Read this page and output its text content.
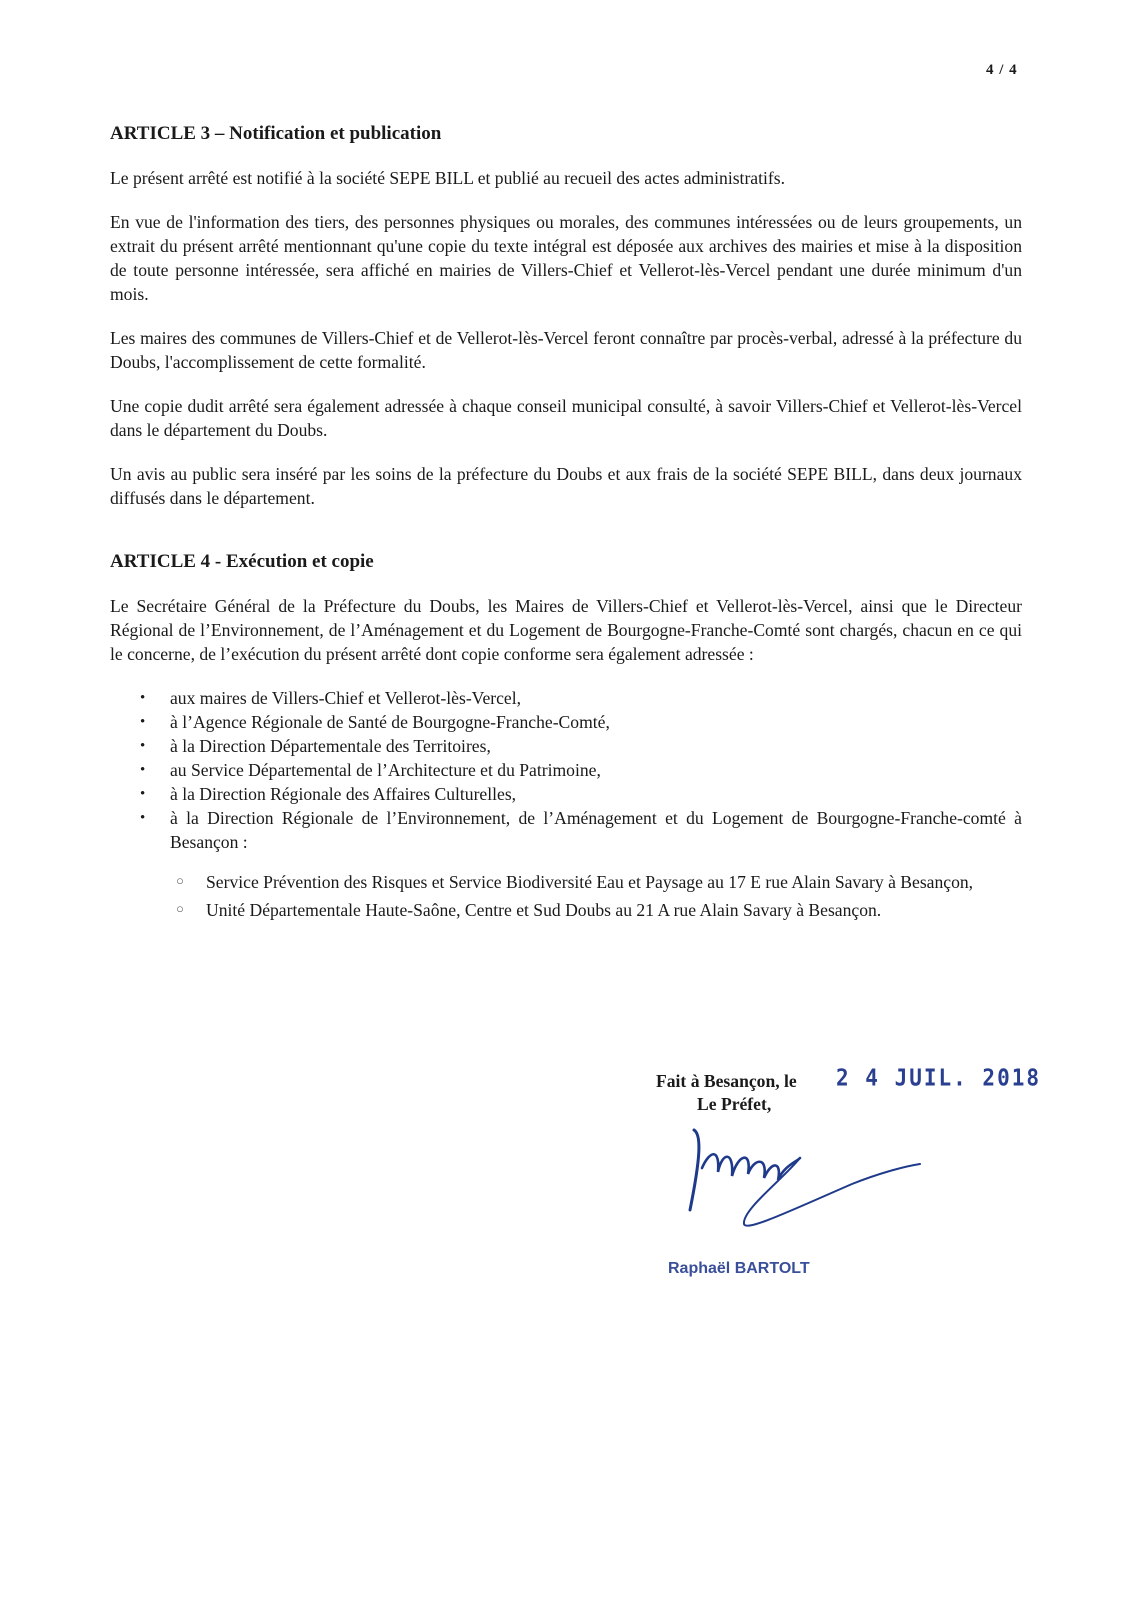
4 / 4
ARTICLE 3 – Notification et publication

Le présent arrêté est notifié à la société SEPE BILL et publié au recueil des actes administratifs.

En vue de l'information des tiers, des personnes physiques ou morales, des communes intéressées ou de leurs groupements, un extrait du présent arrêté mentionnant qu'une copie du texte intégral est déposée aux archives des mairies et mise à la disposition de toute personne intéressée, sera affiché en mairies de Villers-Chief et Vellerot-lès-Vercel pendant une durée minimum d'un mois.

Les maires des communes de Villers-Chief et de Vellerot-lès-Vercel feront connaître par procès-verbal, adressé à la préfecture du Doubs, l'accomplissement de cette formalité.

Une copie dudit arrêté sera également adressée à chaque conseil municipal consulté, à savoir Villers-Chief et Vellerot-lès-Vercel dans le département du Doubs.

Un avis au public sera inséré par les soins de la préfecture du Doubs et aux frais de la société SEPE BILL, dans deux journaux diffusés dans le département.

ARTICLE 4 - Exécution et copie

Le Secrétaire Général de la Préfecture du Doubs, les Maires de Villers-Chief et Vellerot-lès-Vercel, ainsi que le Directeur Régional de l’Environnement, de l’Aménagement et du Logement de Bourgogne-Franche-Comté sont chargés, chacun en ce qui le concerne, de l’exécution du présent arrêté dont copie conforme sera également adressée :

• aux maires de Villers-Chief et Vellerot-lès-Vercel,
• à l’Agence Régionale de Santé de Bourgogne-Franche-Comté,
• à la Direction Départementale des Territoires,
• au Service Départemental de l’Architecture et du Patrimoine,
• à la Direction Régionale des Affaires Culturelles,
• à la Direction Régionale de l’Environnement, de l’Aménagement et du Logement de Bourgogne-Franche-comté à Besançon :
○ Service Prévention des Risques et Service Biodiversité Eau et Paysage au 17 E rue Alain Savary à Besançon,
○ Unité Départementale Haute-Saône, Centre et Sud Doubs au 21 A rue Alain Savary à Besançon.
Fait à Besançon, le 2 4 JUIL. 2018
Le Préfet,
Raphaël BARTOLT
